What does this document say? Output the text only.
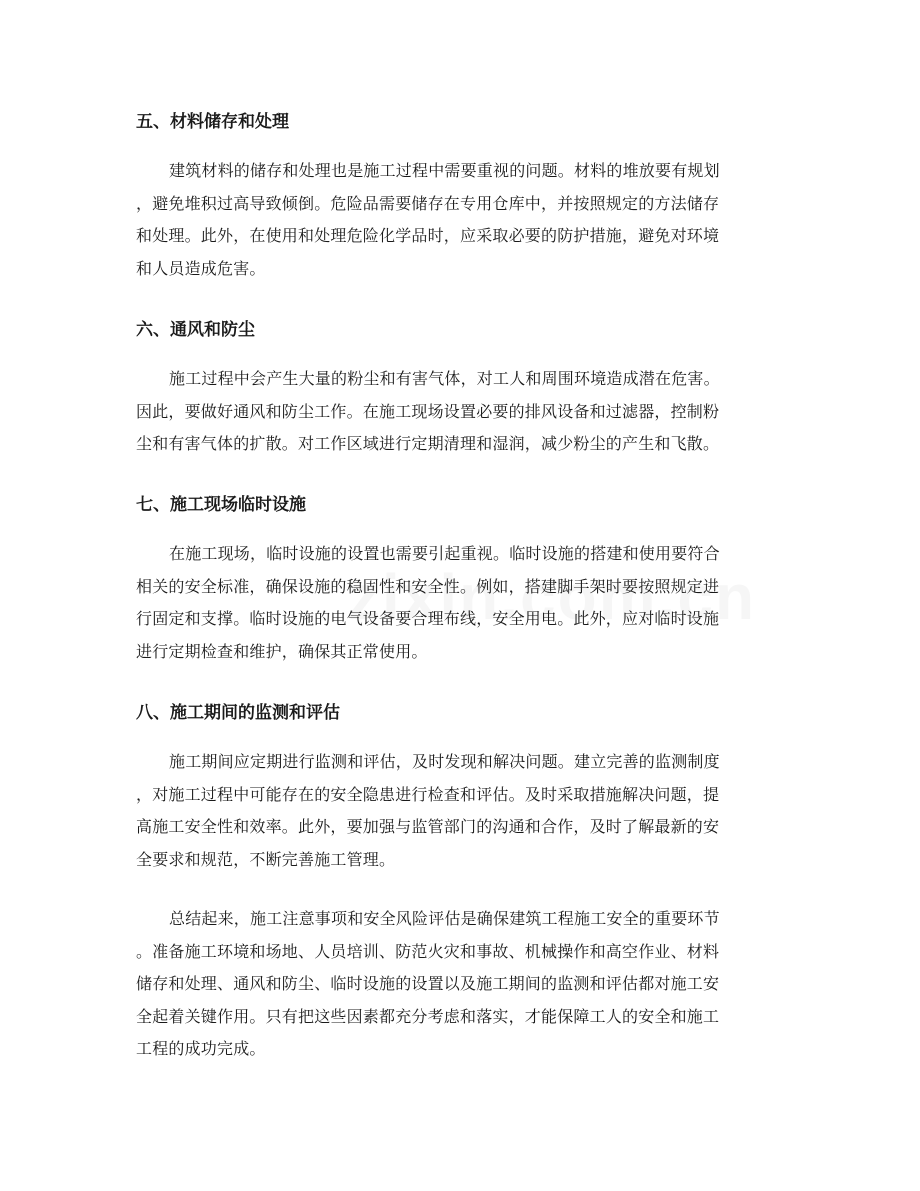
五、材料储存和处理
建筑材料的储存和处理也是施工过程中需要重视的问题。材料的堆放要有规划
，避免堆积过高导致倾倒。危险品需要储存在专用仓库中，并按照规定的方法储存
和处理。此外，在使用和处理危险化学品时，应采取必要的防护措施，避免对环境
和人员造成危害。
六、通风和防尘
施工过程中会产生大量的粉尘和有害气体，对工人和周围环境造成潜在危害。
因此，要做好通风和防尘工作。在施工现场设置必要的排风设备和过滤器，控制粉
尘和有害气体的扩散。对工作区域进行定期清理和湿润，减少粉尘的产生和飞散。
七、施工现场临时设施
在施工现场，临时设施的设置也需要引起重视。临时设施的搭建和使用要符合
相关的安全标准，确保设施的稳固性和安全性。例如，搭建脚手架时要按照规定进
行固定和支撑。临时设施的电气设备要合理布线，安全用电。此外，应对临时设施
进行定期检查和维护，确保其正常使用。
八、施工期间的监测和评估
施工期间应定期进行监测和评估，及时发现和解决问题。建立完善的监测制度
，对施工过程中可能存在的安全隐患进行检查和评估。及时采取措施解决问题，提
高施工安全性和效率。此外，要加强与监管部门的沟通和合作，及时了解最新的安
全要求和规范，不断完善施工管理。
总结起来，施工注意事项和安全风险评估是确保建筑工程施工安全的重要环节
。准备施工环境和场地、人员培训、防范火灾和事故、机械操作和高空作业、材料
储存和处理、通风和防尘、临时设施的设置以及施工期间的监测和评估都对施工安
全起着关键作用。只有把这些因素都充分考虑和落实，才能保障工人的安全和施工
工程的成功完成。
